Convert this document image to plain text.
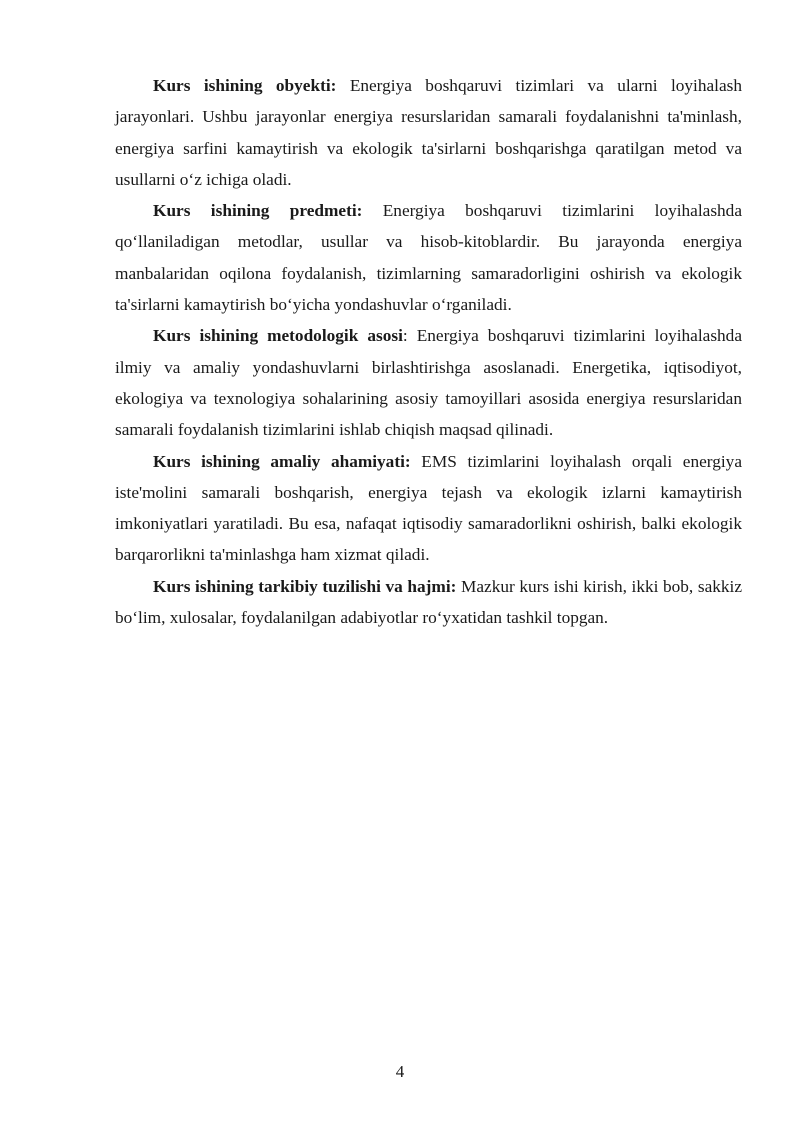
Kurs ishining obyekti: Energiya boshqaruvi tizimlari va ularni loyihalash jarayonlari. Ushbu jarayonlar energiya resurslaridan samarali foydalanishni ta'minlash, energiya sarfini kamaytirish va ekologik ta'sirlarni boshqarishga qaratilgan metod va usullarni o‘z ichiga oladi.

Kurs ishining predmeti: Energiya boshqaruvi tizimlarini loyihalashda qo‘llaniladigan metodlar, usullar va hisob-kitoblardir. Bu jarayonda energiya manbalaridan oqilona foydalanish, tizimlarning samaradorligini oshirish va ekologik ta'sirlarni kamaytirish bo‘yicha yondashuvlar o‘rganiladi.

Kurs ishining metodologik asosi: Energiya boshqaruvi tizimlarini loyihalashda ilmiy va amaliy yondashuvlarni birlashtirishga asoslanadi. Energetika, iqtisodiyot, ekologiya va texnologiya sohalarining asosiy tamoyillari asosida energiya resurslaridan samarali foydalanish tizimlarini ishlab chiqish maqsad qilinadi.

Kurs ishining amaliy ahamiyati: EMS tizimlarini loyihalash orqali energiya iste'molini samarali boshqarish, energiya tejash va ekologik izlarni kamaytirish imkoniyatlari yaratiladi. Bu esa, nafaqat iqtisodiy samaradorlikni oshirish, balki ekologik barqarorlikni ta'minlashga ham xizmat qiladi.

Kurs ishining tarkibiy tuzilishi va hajmi: Mazkur kurs ishi kirish, ikki bob, sakkiz bo‘lim, xulosalar, foydalanilgan adabiyotlar ro‘yxatidan tashkil topgan.

4
